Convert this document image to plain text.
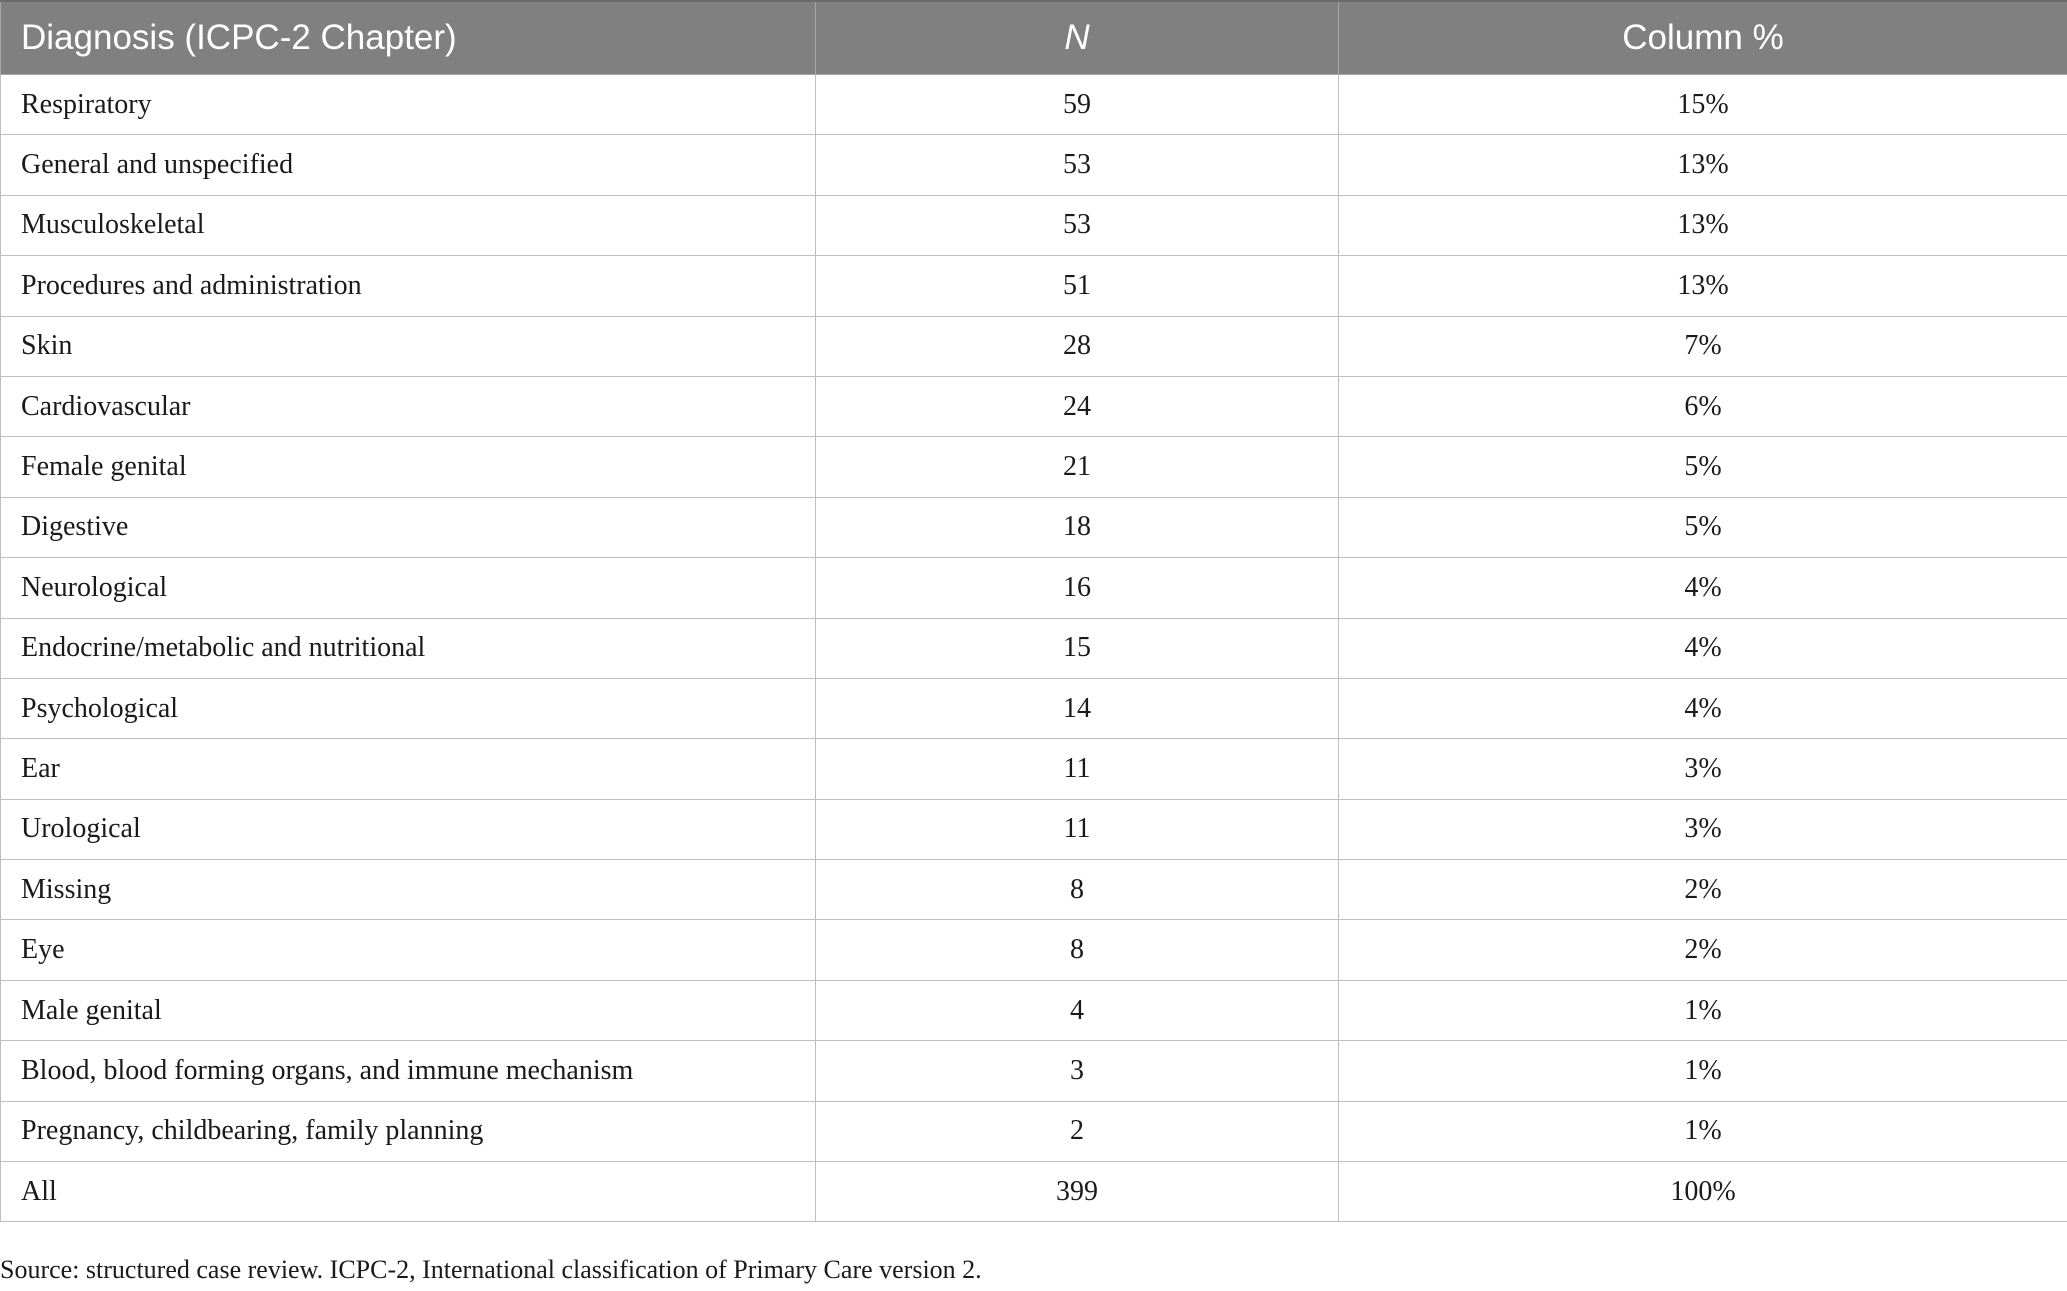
Diagnosis (ICPC-2 Chapter)	N	Column %
Respiratory	59	15%
General and unspecified	53	13%
Musculoskeletal	53	13%
Procedures and administration	51	13%
Skin	28	7%
Cardiovascular	24	6%
Female genital	21	5%
Digestive	18	5%
Neurological	16	4%
Endocrine/metabolic and nutritional	15	4%
Psychological	14	4%
Ear	11	3%
Urological	11	3%
Missing	8	2%
Eye	8	2%
Male genital	4	1%
Blood, blood forming organs, and immune mechanism	3	1%
Pregnancy, childbearing, family planning	2	1%
All	399	100%
Source: structured case review. ICPC-2, International classification of Primary Care version 2.
